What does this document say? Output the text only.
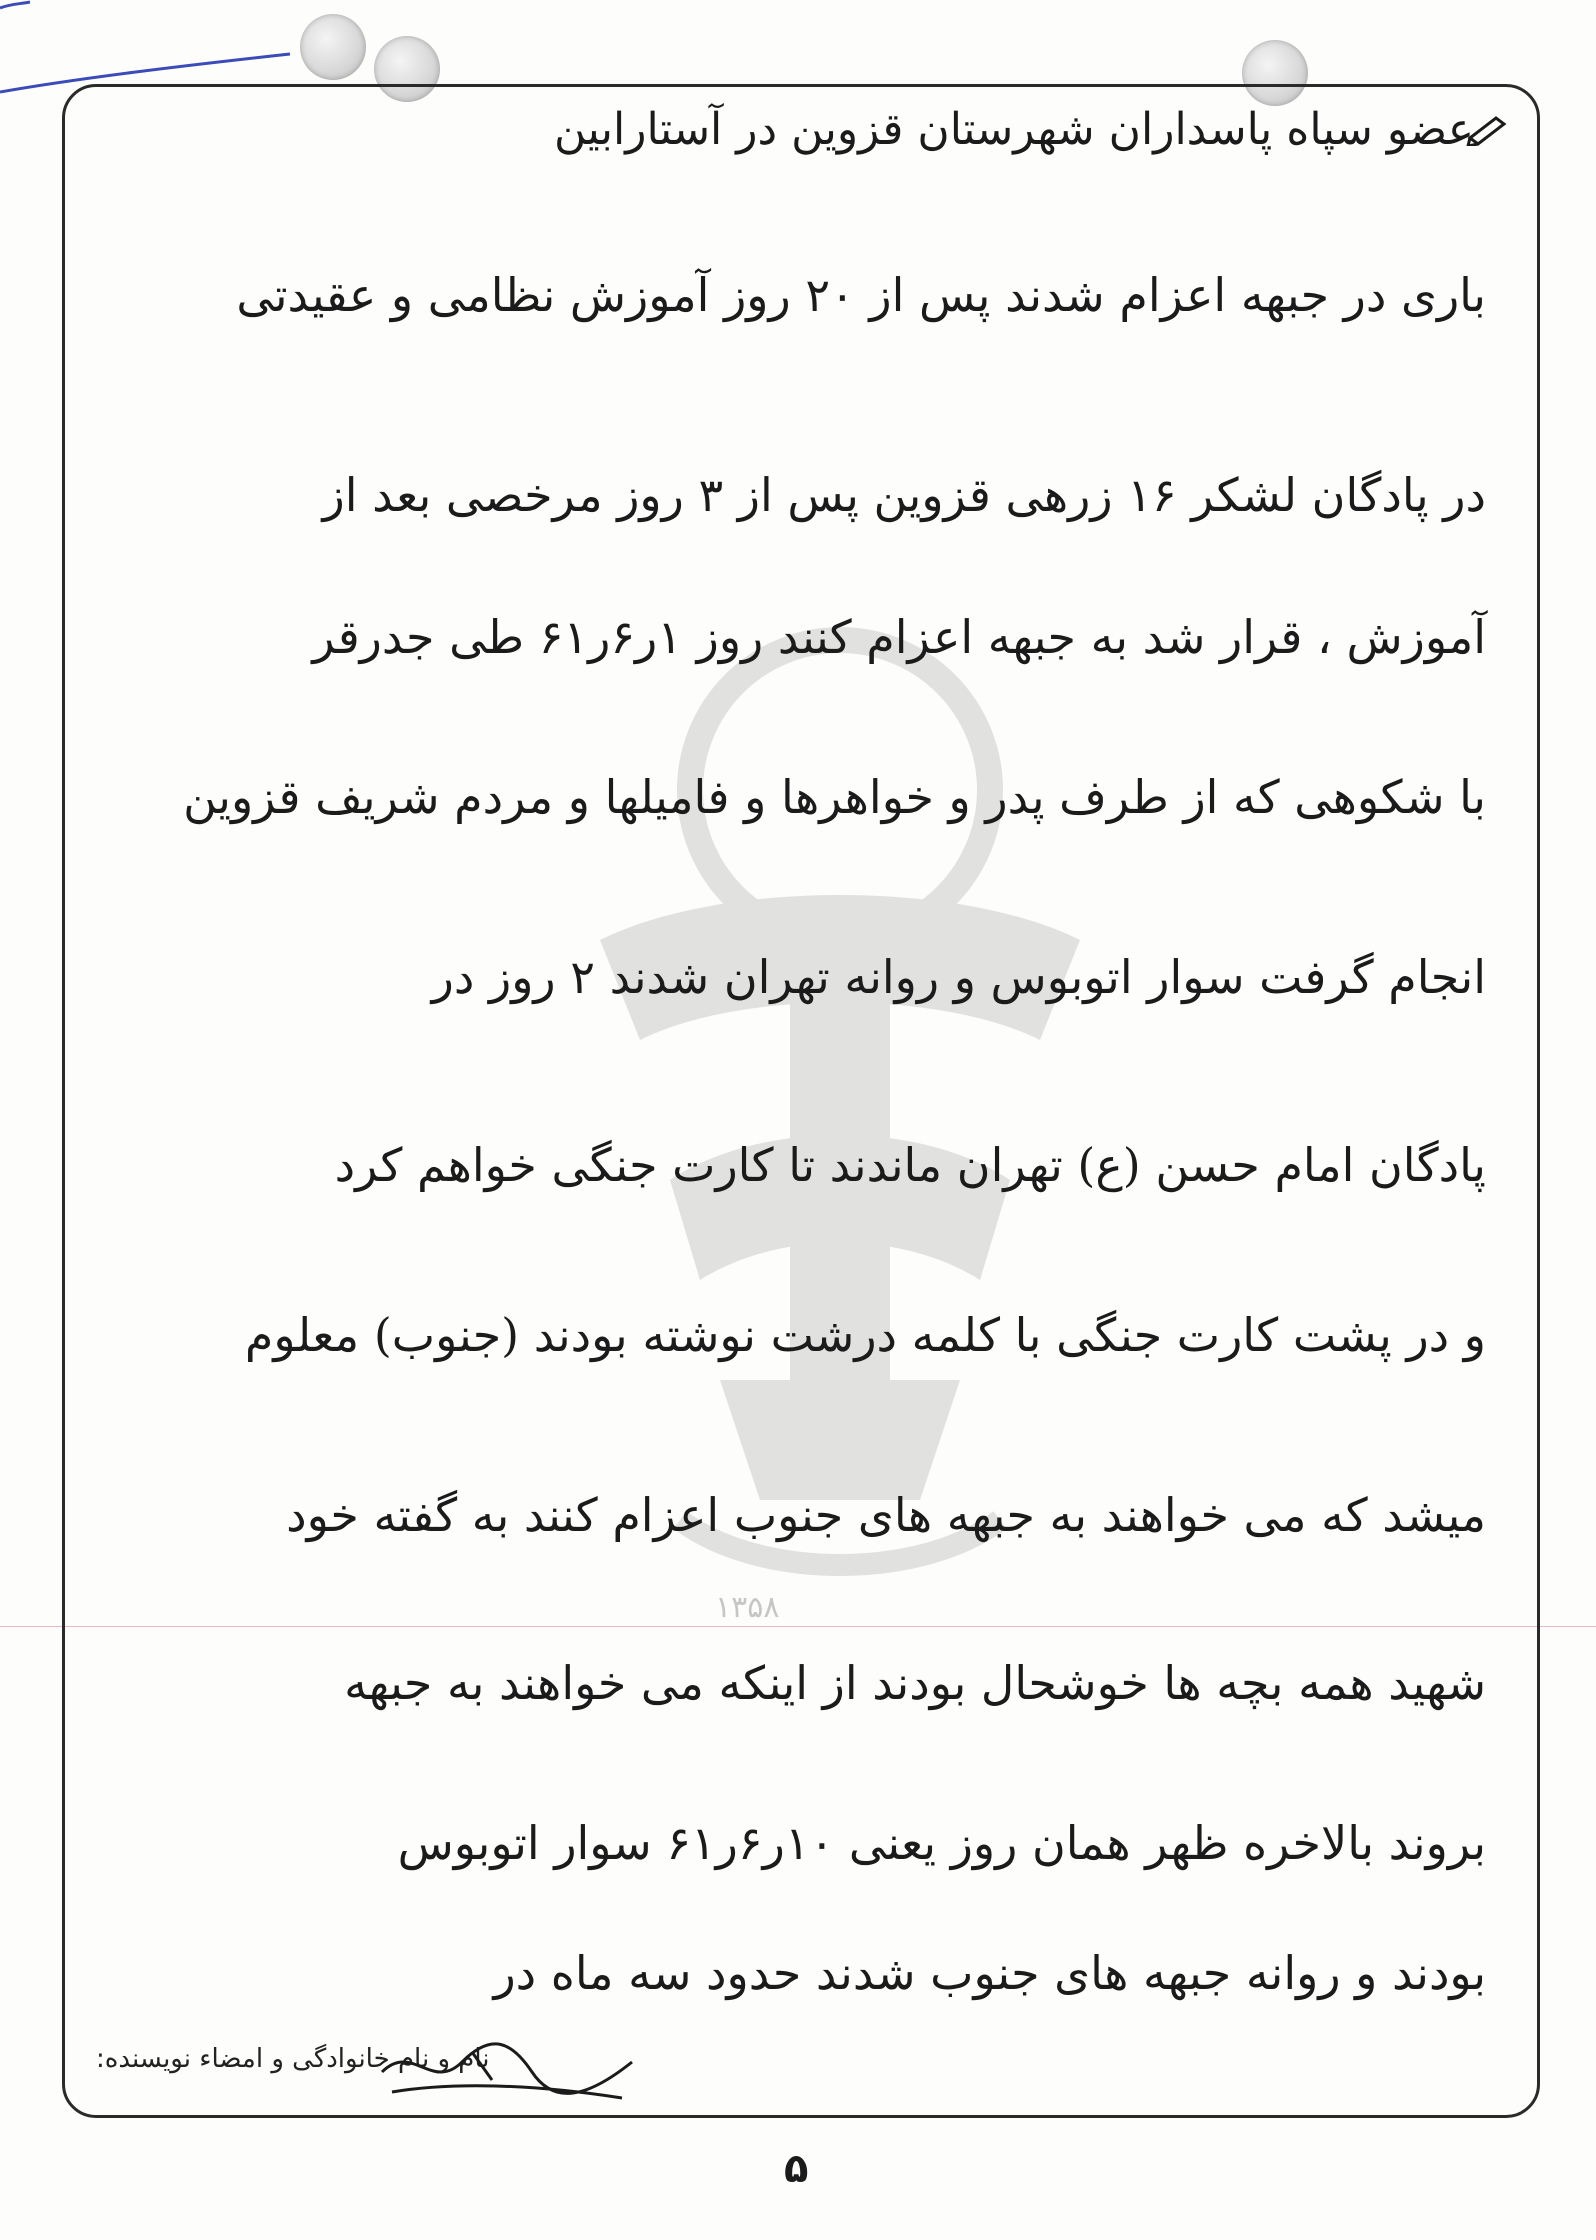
۱۳۵۸
عضو سپاه پاسداران شهرستان قزوین در آستارابین
باری در جبهه اعزام شدند پس از ۲۰ روز آموزش نظامی و عقیدتی
در پادگان لشکر ۱۶ زرهی قزوین پس از ۳ روز مرخصی بعد از
آموزش ، قرار شد به جبهه اعزام کنند روز ۱ر۶ر۶۱ طی جدرقر
با شکوهی که از طرف پدر و خواهرها و فامیلها و مردم شریف قزوین
انجام گرفت سوار اتوبوس و روانه تهران شدند ۲ روز در
پادگان امام حسن (ع) تهران ماندند تا کارت جنگی خواهم کرد
و در پشت کارت جنگی با کلمه درشت نوشته بودند (جنوب) معلوم
میشد که می خواهند به جبهه های جنوب اعزام کنند به گفته خود
شهید همه بچه ها خوشحال بودند از اینکه می خواهند به جبهه
بروند بالاخره ظهر همان روز یعنی ۱۰ر۶ر۶۱ سوار اتوبوس
بودند و روانه جبهه های جنوب شدند حدود سه ماه در
نام و نام خانوادگی و امضاء نویسنده:
۵
